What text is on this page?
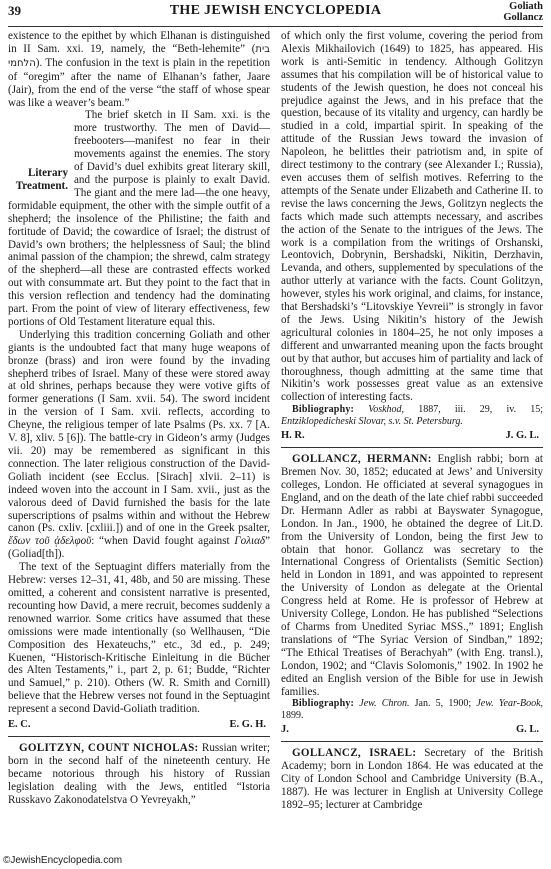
39	THE JEWISH ENCYCLOPEDIA	Goliath
Gollancz

existence to the epithet by which Elhanan is distinguished in II Sam. xxi. 19, namely, the “Beth-lehemite” (בית הלחמי). The confusion in the text is plain in the repetition of “oregim” after the name of Elhanan’s father, Jaare (Jair), from the end of the verse “the staff of whose spear was like a weaver’s beam.”

Literary Treatment.

The brief sketch in II Sam. xxi. is the more trustworthy. The men of David—freebooters—manifest no fear in their movements against the enemies. The story of David’s duel exhibits great literary skill, and the purpose is plainly to exalt David. The giant and the mere lad—the one heavy, formidable equipment, the other with the simple outfit of a shepherd; the insolence of the Philistine; the faith and fortitude of David; the cowardice of Israel; the distrust of David’s own brothers; the helplessness of Saul; the blind animal passion of the champion; the shrewd, calm strategy of the shepherd—all these are contrasted effects worked out with consummate art. But they point to the fact that in this version reflection and tendency had the dominating part. From the point of view of literary effectiveness, few portions of Old Testament literature equal this.

Underlying this tradition concerning Goliath and other giants is the undoubted fact that many huge weapons of bronze (brass) and iron were found by the invading shepherd tribes of Israel. Many of these were stored away at old shrines, perhaps because they were votive gifts of former generations (I Sam. xvii. 54). The sword incident in the version of I Sam. xvii. reflects, according to Cheyne, the religious temper of late Psalms (Ps. xx. 7 [A. V. 8], xliv. 5 [6]). The battle-cry in Gideon’s army (Judges vii. 20) may be remembered as significant in this connection. The later religious construction of the David-Goliath incident (see Ecclus. [Sirach] xlvii. 2–11) is indeed woven into the account in I Sam. xvii., just as the valorous deed of David furnished the basis for the late superscriptions of psalms within and without the Hebrew canon (Ps. cxliv. [cxliii.]) and of one in the Greek psalter, ἔδων τοῦ ᾀδελφοῦ: “when David fought against Γολιαδ” (Goliad[th]).

The text of the Septuagint differs materially from the Hebrew: verses 12–31, 41, 48b, and 50 are missing. These omitted, a coherent and consistent narrative is presented, recounting how David, a mere recruit, becomes suddenly a renowned warrior. Some critics have assumed that these omissions were made intentionally (so Wellhausen, “Die Composition des Hexateuchs,” etc., 3d ed., p. 249; Kuenen, “Historisch-Kritische Einleitung in die Bücher des Alten Testaments,” i., part 2, p. 61; Budde, “Richter und Samuel,” p. 210). Others (W. R. Smith and Cornill) believe that the Hebrew verses not found in the Septuagint represent a second David-Goliath tradition.

E. C.	E. G. H.

GOLITZYN, COUNT NICHOLAS: Russian writer; born in the second half of the nineteenth century. He became notorious through his history of Russian legislation dealing with the Jews, entitled “Istoria Russkavo Zakonodatelstva O Yevreyakh,”

of which only the first volume, covering the period from Alexis Mikhailovich (1649) to 1825, has appeared. His work is anti-Semitic in tendency. Although Golitzyn assumes that his compilation will be of historical value to students of the Jewish question, he does not conceal his prejudice against the Jews, and in his preface that the question, because of its vitality and urgency, can hardly be studied in a cold, impartial spirit. In speaking of the attitude of the Russian Jews toward the invasion of Napoleon, he belittles their patriotism and, in spite of direct testimony to the contrary (see Alexander I.; Russia), even accuses them of selfish motives. Referring to the attempts of the Senate under Elizabeth and Catherine II. to revise the laws concerning the Jews, Golitzyn neglects the facts which made such attempts necessary, and ascribes the action of the Senate to the intrigues of the Jews. The work is a compilation from the writings of Orshanski, Leontovich, Dobrynin, Bershadski, Nikitin, Derzhavin, Levanda, and others, supplemented by speculations of the author utterly at variance with the facts. Count Golitzyn, however, styles his work original, and claims, for instance, that Bershadski’s “Litovskiye Yevreii” is strongly in favor of the Jews. Using Nikitin’s history of the Jewish agricultural colonies in 1804–25, he not only imposes a different and unwarranted meaning upon the facts brought out by that author, but accuses him of partiality and lack of thoroughness, though admitting at the same time that Nikitin’s work possesses great value as an extensive collection of interesting facts.

Bibliography: Voskhod, 1887, iii. 29, iv. 15; Entziklopedicheski Slovar, s.v. St. Petersburg.

H. R.	J. G. L.

GOLLANCZ, HERMANN: English rabbi; born at Bremen Nov. 30, 1852; educated at Jews’ and University colleges, London. He officiated at several synagogues in England, and on the death of the late chief rabbi succeeded Dr. Hermann Adler as rabbi at Bayswater Synagogue, London. In Jan., 1900, he obtained the degree of Lit.D. from the University of London, being the first Jew to obtain that honor. Gollancz was secretary to the International Congress of Orientalists (Semitic Section) held in London in 1891, and was appointed to represent the University of London as delegate at the Oriental Congress held at Rome. He is professor of Hebrew at University College, London. He has published “Selections of Charms from Unedited Syriac MSS.,” 1891; English translations of “The Syriac Version of Sindban,” 1892; “The Ethical Treatises of Berachyah” (with Eng. transl.), London, 1902; and “Clavis Solomonis,” 1902. In 1902 he edited an English version of the Bible for use in Jewish families.

Bibliography: Jew. Chron. Jan. 5, 1900; Jew. Year-Book, 1899.

J.	G. L.

GOLLANCZ, ISRAEL: Secretary of the British Academy; born in London 1864. He was educated at the City of London School and Cambridge University (B.A., 1887). He was lecturer in English at University College 1892–95; lecturer at Cambridge

©JewishEncyclopedia.com
